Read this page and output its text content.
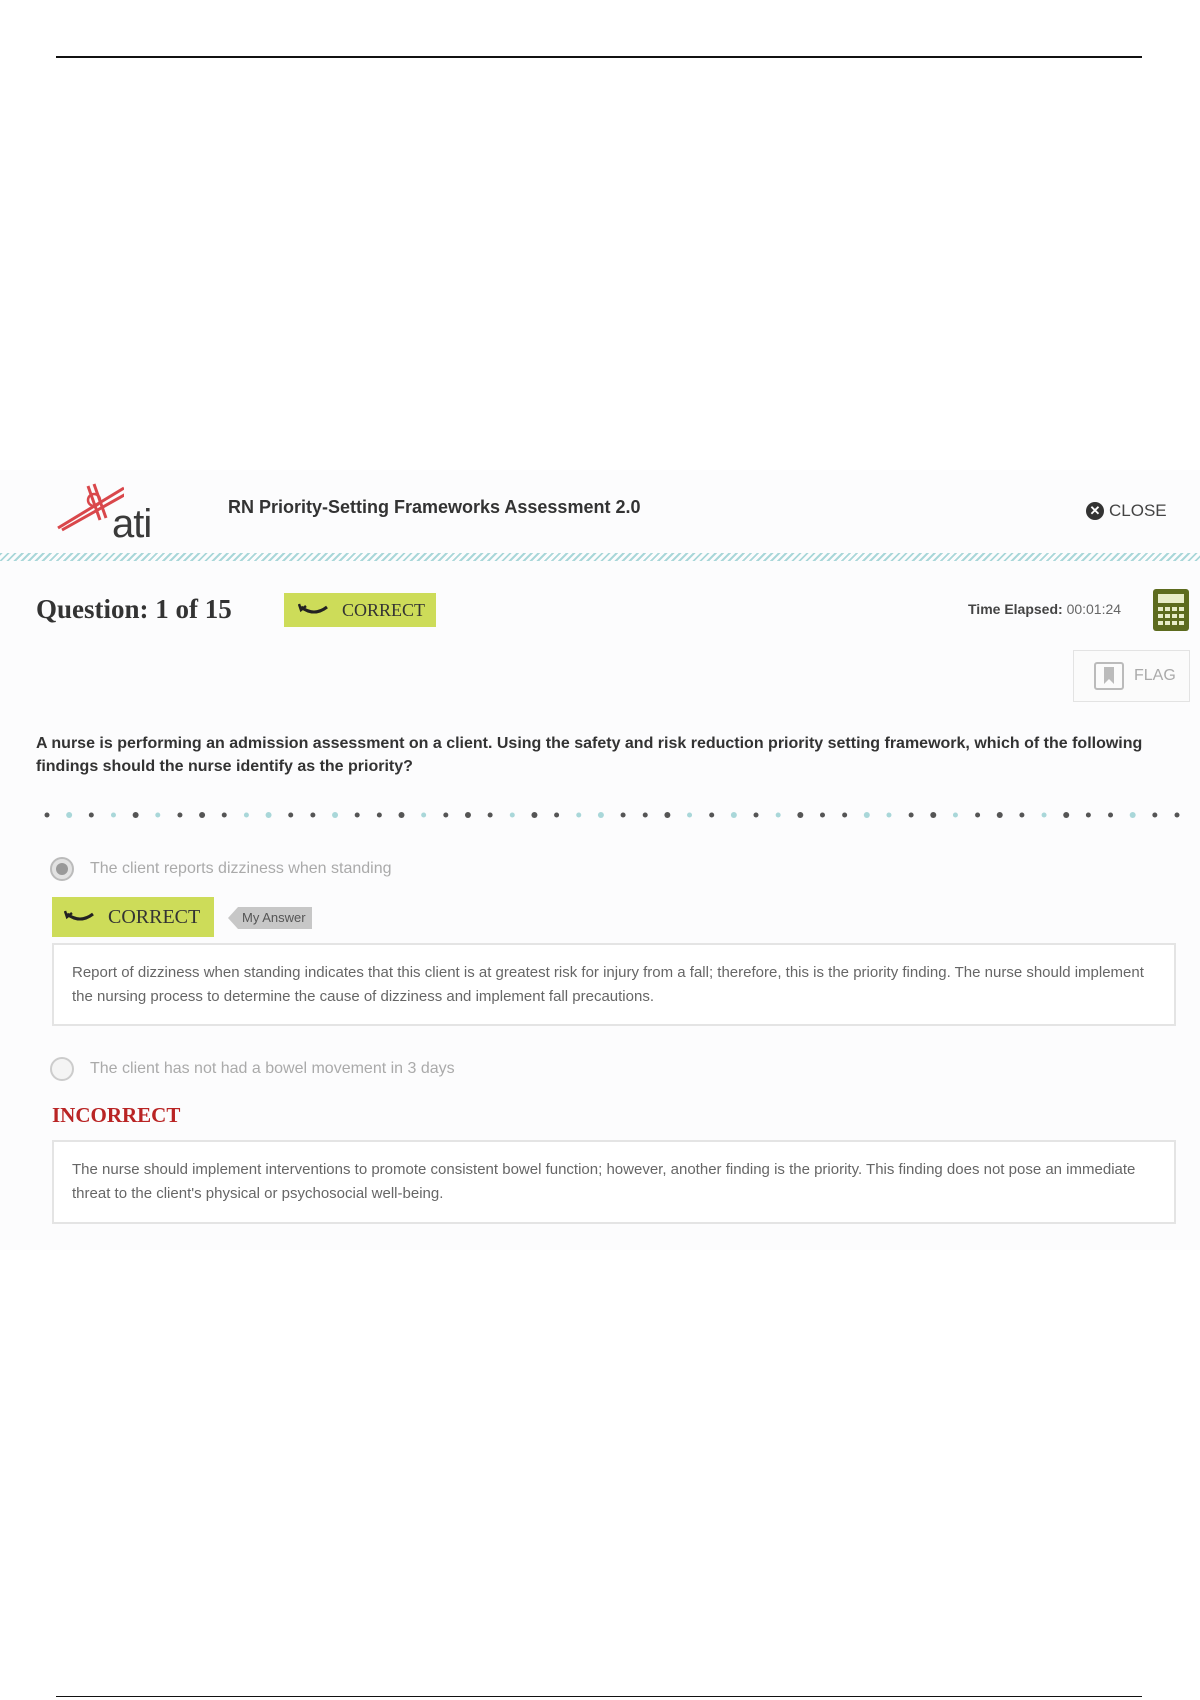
ati	RN Priority-Setting Frameworks Assessment 2.0	✕ CLOSE
Question: 1 of 15	CORRECT	Time Elapsed: 00:01:24
FLAG
A nurse is performing an admission assessment on a client. Using the safety and risk reduction priority setting framework, which of the following findings should the nurse identify as the priority?
The client reports dizziness when standing
CORRECT	My Answer
Report of dizziness when standing indicates that this client is at greatest risk for injury from a fall; therefore, this is the priority finding. The nurse should implement the nursing process to determine the cause of dizziness and implement fall precautions.
The client has not had a bowel movement in 3 days
INCORRECT
The nurse should implement interventions to promote consistent bowel function; however, another finding is the priority. This finding does not pose an immediate threat to the client's physical or psychosocial well-being.
